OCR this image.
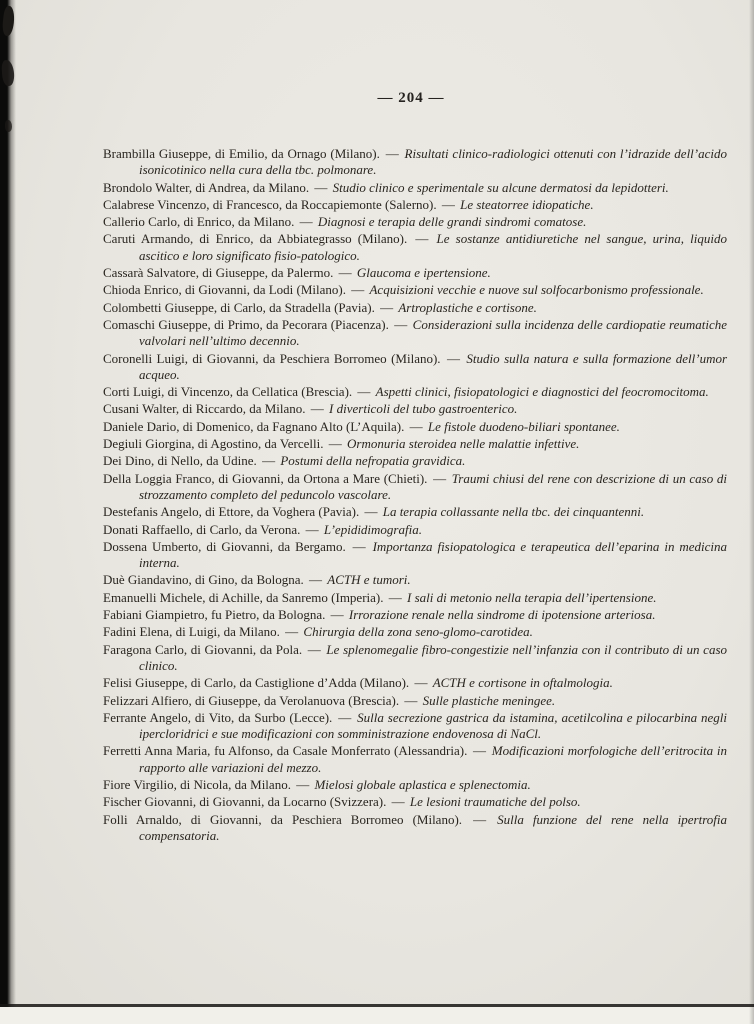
— 204 —

Brambilla Giuseppe, di Emilio, da Ornago (Milano). — Risultati clinico-radiologici ottenuti con l’idrazide dell’acido isonicotinico nella cura della tbc. polmonare.

Brondolo Walter, di Andrea, da Milano. — Studio clinico e sperimentale su alcune dermatosi da lepidotteri.

Calabrese Vincenzo, di Francesco, da Roccapiemonte (Salerno). — Le steatorree idiopatiche.

Callerio Carlo, di Enrico, da Milano. — Diagnosi e terapia delle grandi sindromi comatose.

Caruti Armando, di Enrico, da Abbiategrasso (Milano). — Le sostanze antidiuretiche nel sangue, urina, liquido ascitico e loro significato fisio-patologico.

Cassarà Salvatore, di Giuseppe, da Palermo. — Glaucoma e ipertensione.

Chioda Enrico, di Giovanni, da Lodi (Milano). — Acquisizioni vecchie e nuove sul solfocarbonismo professionale.

Colombetti Giuseppe, di Carlo, da Stradella (Pavia). — Artroplastiche e cortisone.

Comaschi Giuseppe, di Primo, da Pecorara (Piacenza). — Considerazioni sulla incidenza delle cardiopatie reumatiche valvolari nell’ultimo decennio.

Coronelli Luigi, di Giovanni, da Peschiera Borromeo (Milano). — Studio sulla natura e sulla formazione dell’umor acqueo.

Corti Luigi, di Vincenzo, da Cellatica (Brescia). — Aspetti clinici, fisiopatologici e diagnostici del feocromocitoma.

Cusani Walter, di Riccardo, da Milano. — I diverticoli del tubo gastroenterico.

Daniele Dario, di Domenico, da Fagnano Alto (L’Aquila). — Le fistole duodeno-biliari spontanee.

Degiuli Giorgina, di Agostino, da Vercelli. — Ormonuria steroidea nelle malattie infettive.

Dei Dino, di Nello, da Udine. — Postumi della nefropatia gravidica.

Della Loggia Franco, di Giovanni, da Ortona a Mare (Chieti). — Traumi chiusi del rene con descrizione di un caso di strozzamento completo del peduncolo vascolare.

Destefanis Angelo, di Ettore, da Voghera (Pavia). — La terapia collassante nella tbc. dei cinquantenni.

Donati Raffaello, di Carlo, da Verona. — L’epididimografia.

Dossena Umberto, di Giovanni, da Bergamo. — Importanza fisiopatologica e terapeutica dell’eparina in medicina interna.

Duè Giandavino, di Gino, da Bologna. — ACTH e tumori.

Emanuelli Michele, di Achille, da Sanremo (Imperia). — I sali di metonio nella terapia dell’ipertensione.

Fabiani Giampietro, fu Pietro, da Bologna. — Irrorazione renale nella sindrome di ipotensione arteriosa.

Fadini Elena, di Luigi, da Milano. — Chirurgia della zona seno-glomo-carotidea.

Faragona Carlo, di Giovanni, da Pola. — Le splenomegalie fibro-congestizie nell’infanzia con il contributo di un caso clinico.

Felisi Giuseppe, di Carlo, da Castiglione d’Adda (Milano). — ACTH e cortisone in oftalmologia.

Felizzari Alfiero, di Giuseppe, da Verolanuova (Brescia). — Sulle plastiche meningee.

Ferrante Angelo, di Vito, da Surbo (Lecce). — Sulla secrezione gastrica da istamina, acetilcolina e pilocarbina negli ipercloridrici e sue modificazioni con somministrazione endovenosa di NaCl.

Ferretti Anna Maria, fu Alfonso, da Casale Monferrato (Alessandria). — Modificazioni morfologiche dell’eritrocita in rapporto alle variazioni del mezzo.

Fiore Virgilio, di Nicola, da Milano. — Mielosi globale aplastica e splenectomia.

Fischer Giovanni, di Giovanni, da Locarno (Svizzera). — Le lesioni traumatiche del polso.

Folli Arnaldo, di Giovanni, da Peschiera Borromeo (Milano). — Sulla funzione del rene nella ipertrofia compensatoria.
